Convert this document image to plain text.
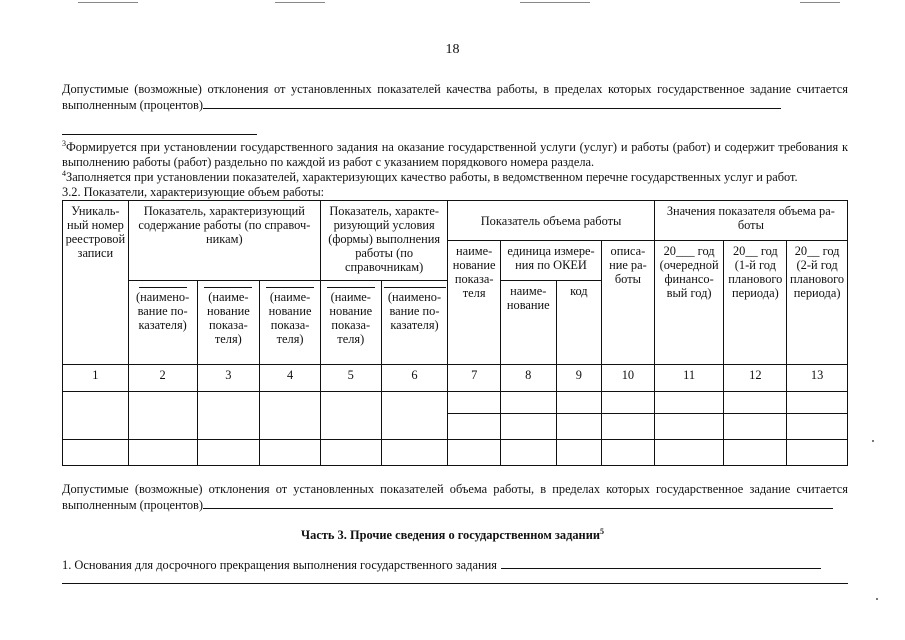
18
Допустимые (возможные) отклонения от установленных показателей качества работы, в пределах которых государственное задание считается выполненным (процентов)
$^3$Формируется при установлении государственного задания на оказание государственной услуги (услуг) и работы (работ) и содержит требования к выполнению работы (работ) раздельно по каждой из работ с указанием порядкового номера раздела.
$^4$Заполняется при установлении показателей, характеризующих качество работы, в ведомственном перечне государственных услуг и работ.
3.2. Показатели, характеризующие объем работы:
Уникаль-ный номер реестровой записи	Показатель, характеризующий содержание работы (по справоч-никам)			Показатель, характе-ризующий условия (формы) выполнения работы (по справочникам)		Показатель объема работы				Значения показателя объема ра-боты		
						наиме-нование показа-теля	единица измере-ния по ОКЕИ		описа-ние ра-боты	20___ год (очередной финансо-вый год)	20__ год (1-й год планового периода)	20__ год (2-й год планового периода)

(наимено-вание по-казателя)	(наиме-нование показа-теля)	(наиме-нование показа-теля)	(наиме-нование показа-теля)	(наимено-вание по-казателя)		наиме-нование	код				
1	2	3	4	5	6	7	8	9	10	11	12	13

Допустимые (возможные) отклонения от установленных показателей объема работы, в пределах которых государственное задание считается выполненным (процентов)
Часть 3. Прочие сведения о государственном задании$^5$
1. Основания для досрочного прекращения выполнения государственного задания
